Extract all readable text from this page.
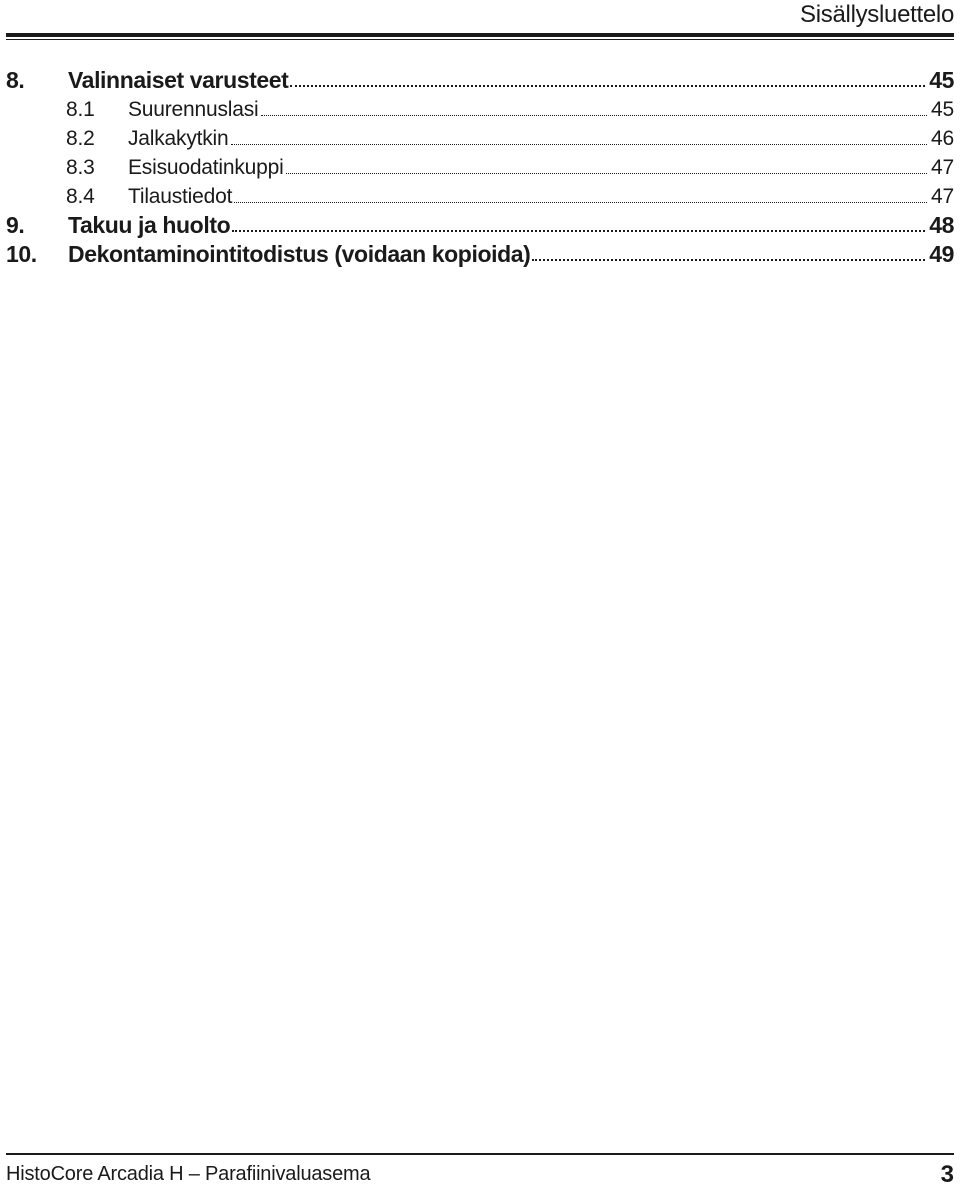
Sisällysluettelo
8.	Valinnaiset varusteet	45
8.1	Suurennuslasi	45
8.2	Jalkakytkin	46
8.3	Esisuodatinkuppi	47
8.4	Tilaustiedot	47
9.	Takuu ja huolto	48
10.	Dekontaminointitodistus (voidaan kopioida)	49
HistoCore Arcadia H – Parafiinivaluasema	3
